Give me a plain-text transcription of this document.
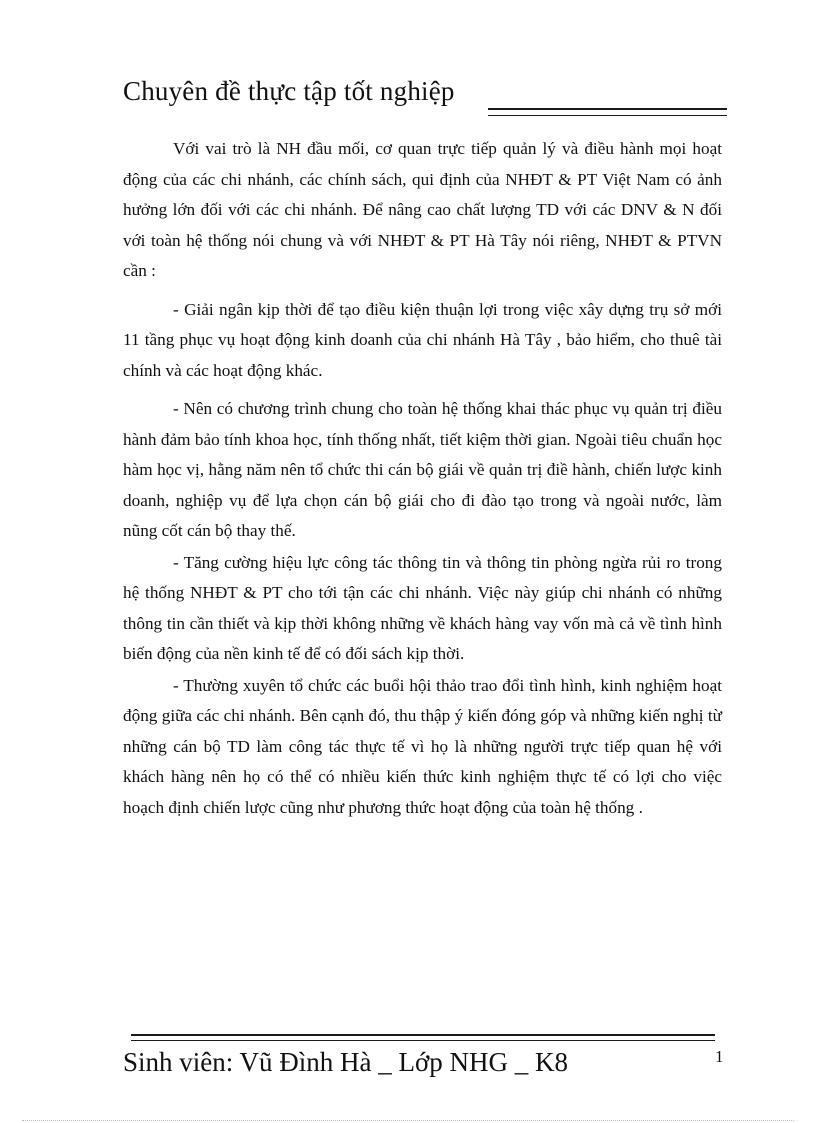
Chuyên đề thực tập tốt nghiệp

Với vai trò là NH đầu mối, cơ quan trực tiếp quản lý và điều hành mọi hoạt động của các chi nhánh, các chính sách, qui định của NHĐT & PT Việt Nam có ảnh hưởng lớn đối với các chi nhánh. Để nâng cao chất lượng TD với các DNV & N đối với toàn hệ thống nói chung và với NHĐT & PT Hà Tây nói riêng, NHĐT & PTVN cần :

- Giải ngân kịp thời để tạo điều kiện thuận lợi trong việc xây dựng trụ sở mới 11 tầng phục vụ hoạt động kinh doanh của chi nhánh Hà Tây , bảo hiểm, cho thuê tài chính và các hoạt động khác.

- Nên có chương trình chung cho toàn hệ thống khai thác phục vụ quản trị điều hành đảm bảo tính khoa học, tính thống nhất, tiết kiệm thời gian. Ngoài tiêu chuẩn học hàm học vị, hằng năm nên tổ chức thi cán bộ giái về quản trị điề hành, chiến lược kinh doanh, nghiệp vụ để lựa chọn cán bộ giái cho đi đào tạo trong và ngoài nước, làm nũng cốt cán bộ thay thế.

- Tăng cường hiệu lực công tác thông tin và thông tin phòng ngừa rủi ro trong hệ thống NHĐT & PT cho tới tận các chi nhánh. Việc này giúp chi nhánh có những thông tin cần thiết và kịp thời không những về khách hàng vay vốn mà cả về tình hình biến động của nền kinh tế để có đối sách kịp thời.

- Thường xuyên tổ chức các buổi hội thảo trao đổi tình hình, kinh nghiệm hoạt động giữa các chi nhánh. Bên cạnh đó, thu thập ý kiến đóng góp và những kiến nghị từ những cán bộ TD làm công tác thực tế vì họ là những người trực tiếp quan hệ với khách hàng nên họ có thể có nhiều kiến thức kinh nghiệm thực tế có lợi cho việc hoạch định chiến lược cũng như phương thức hoạt động của toàn hệ thống .

Sinh viên: Vũ Đình Hà _ Lớp NHG _ K8	1
